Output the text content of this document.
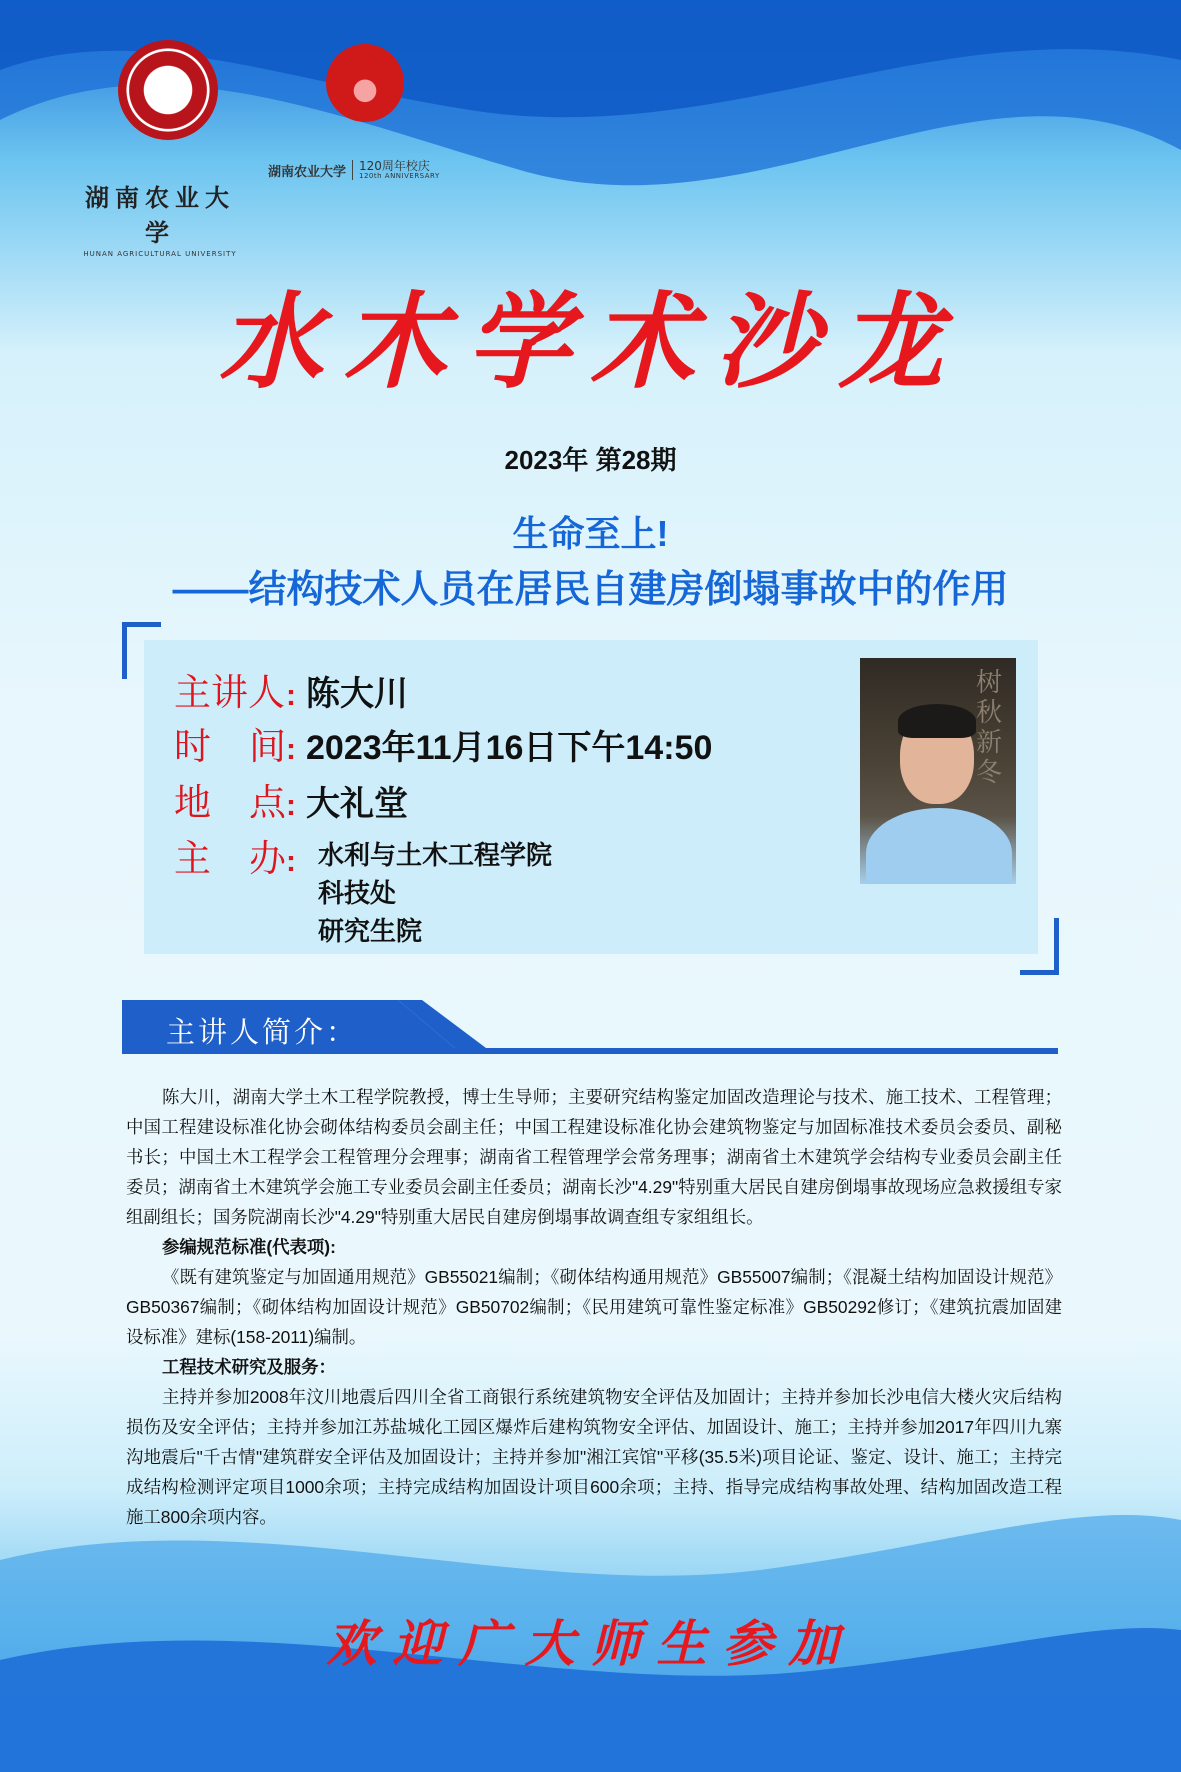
湖南农业大学
HUNAN AGRICULTURAL UNIVERSITY
湖南农业大学 120周年校庆
120th ANNIVERSARY
水木学术沙龙
2023年 第28期
生命至上!
——结构技术人员在居民自建房倒塌事故中的作用
主讲人 : 陈大川
时 间 : 2023年11月16日下午14:50
地 点 : 大礼堂
主 办 : 水利与土木工程学院
科技处
研究生院
树秋新冬
主讲人简介：

陈大川，湖南大学土木工程学院教授，博士生导师；主要研究结构鉴定加固改造理论与技术、施工技术、工程管理；中国工程建设标准化协会砌体结构委员会副主任；中国工程建设标准化协会建筑物鉴定与加固标准技术委员会委员、副秘书长；中国土木工程学会工程管理分会理事；湖南省工程管理学会常务理事；湖南省土木建筑学会结构专业委员会副主任委员；湖南省土木建筑学会施工专业委员会副主任委员；湖南长沙"4.29"特别重大居民自建房倒塌事故现场应急救援组专家组副组长；国务院湖南长沙"4.29"特别重大居民自建房倒塌事故调查组专家组组长。

参编规范标准(代表项):

《既有建筑鉴定与加固通用规范》GB55021编制；《砌体结构通用规范》GB55007编制；《混凝土结构加固设计规范》GB50367编制；《砌体结构加固设计规范》GB50702编制；《民用建筑可靠性鉴定标准》GB50292修订；《建筑抗震加固建设标准》建标(158-2011)编制。

工程技术研究及服务：

主持并参加2008年汶川地震后四川全省工商银行系统建筑物安全评估及加固计；主持并参加长沙电信大楼火灾后结构损伤及安全评估；主持并参加江苏盐城化工园区爆炸后建构筑物安全评估、加固设计、施工；主持并参加2017年四川九寨沟地震后"千古情"建筑群安全评估及加固设计；主持并参加"湘江宾馆"平移(35.5米)项目论证、鉴定、设计、施工；主持完成结构检测评定项目1000余项；主持完成结构加固设计项目600余项；主持、指导完成结构事故处理、结构加固改造工程施工800余项内容。

欢迎广大师生参加
